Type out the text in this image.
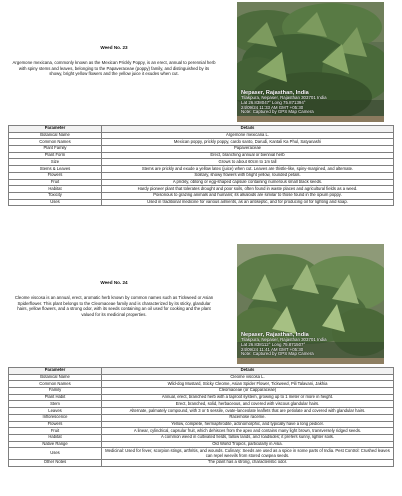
Weed No. 23
Argemone mexicana, commonly known as the Mexican Prickly Poppy, is an erect, annual to perennial herb with spiny stems and leaves, belonging to the Papaveraceae (poppy) family, and distinguished by its showy, bright yellow flowers and the yellow juice it exudes when cut.
Nepaser, Rajasthan, India
Tilakpura, Nepaser, Rajasthan 303701 India
Lat 26.838047° Long 75.871394°
24/09/24 11:33 AM GMT +05:30
Note: Captured by GPS Map Camera
Parameter	Details
Botanical Name	Argemone mexicana L.
Common Names	Mexican poppy, prickly poppy, cardo santo, Darudi, Kantali Ka Phul, Satyanashi
Plant Family	Papaveraceae
Plant Form	Erect, branching annual or biennial herb
Size	Grows to about 60cm to 1m tall
Stems & Leaves	Stems are prickly and exude a yellow latex (juice) when cut. Leaves are thistle-like, spiny-margined, and alternate.
Flowers	Solitary, showy flowers with bright yellow, rounded petals.
Fruit	A prickly, oblong or egg-shaped capsule containing numerous small black seeds.
Habitat	Hardy pioneer plant that tolerates drought and poor soils, often found in waste places and agricultural fields as a weed.
Toxicity	Poisonous to grazing animals and humans; its alkaloids are similar to those found in the opium poppy.
Uses	Used in traditional medicine for various ailments, as an antiseptic, and for producing oil for lighting and soap.
Weed No. 24
Cleome viscosa is an annual, erect, aromatic herb known by common names such as Tickweed or Asian Spiderflower. This plant belongs to the Cleomaceae family and is characterized by its sticky, glandular hairs, yellow flowers, and a strong odor, with its seeds containing an oil used for cooking and the plant valued for its medicinal properties.
Nepaser, Rajasthan, India
Tilakpura, Nepaser, Rajasthan 303701 India
Lat 26.838112° Long 75.871507°
24/09/24 11:41 AM GMT +05:30
Note: Captured by GPS Map Camera
Parameter	Details
Botanical Name	Cleome viscosa L.
Common Names	Wild-dog Mustard, Sticky Cleome, Asian Spider Flower, Tickweed, Pili Talavani, Jakhia
Family	Cleomaceae (or Capparaceae)
Plant Habit	Annual, erect, branched herb with a taproot system, growing up to 1 meter or more in height.
Stem	Erect, branched, solid, herbaceous, and covered with viscous glandular hairs.
Leaves	Alternate, palmately compound, with 3 or 5 sessile, ovate-lanceolate leaflets that are petiolate and covered with glandular hairs.
Inflorescence	Racemose raceme.
Flowers	Yellow, complete, hermaphrodite, actinomorphic, and typically have a long pedicel.
Fruit	A linear, cylindrical, capsular fruit, which dehisces from the apex and contains many light brown, transversely ridged seeds.
Habitat	A common weed in cultivated fields, fallow lands, and roadsides; it prefers sunny, lighter soils.
Native Range	Old World Tropics, particularly in Asia.
Uses	Medicinal: Used for fever, scorpion stings, arthritis, and wounds. Culinary: Seeds are used as a spice in some parts of India. Pest Control: Crushed leaves can repel weevils from stored cowpea seeds.
Other Notes	The plant has a strong, characteristic odor.
